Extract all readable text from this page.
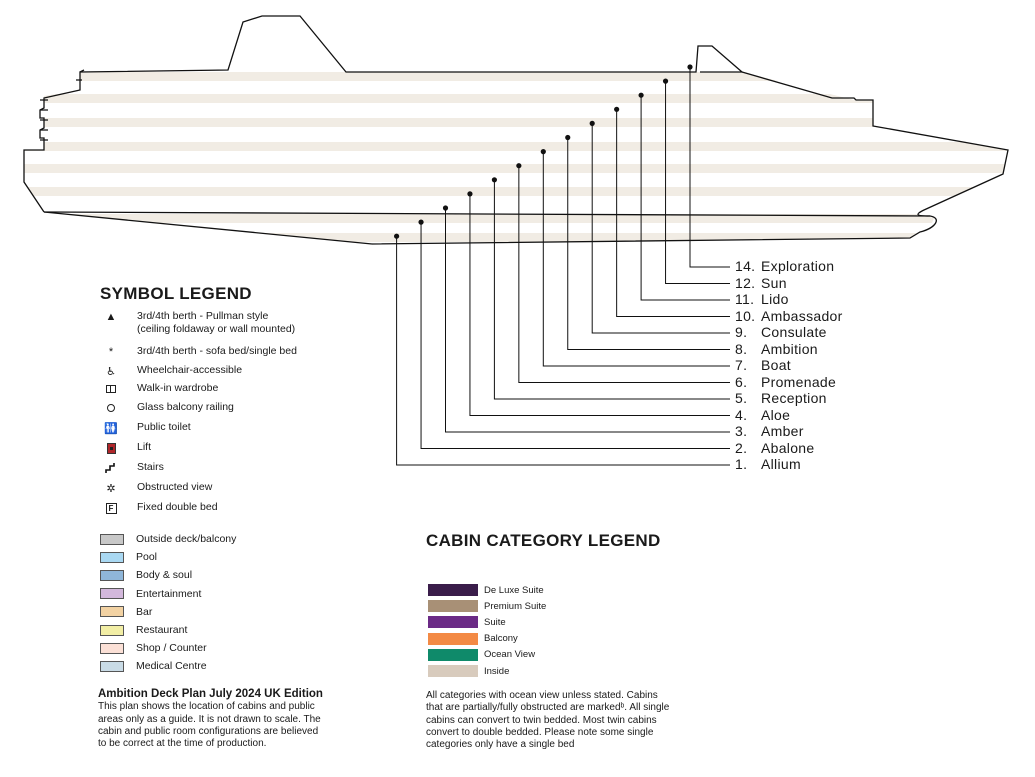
14. Exploration
12. Sun
11. Lido
10. Ambassador
9. Consulate
8. Ambition
7. Boat
6. Promenade
5. Reception
4. Aloe
3. Amber
2. Abalone
1. Allium
SYMBOL LEGEND
▲	3rd/4th berth - Pullman style
(ceiling foldaway or wall mounted)
*	3rd/4th berth - sofa bed/single bed
♿	Wheelchair-accessible
Walk-in wardrobe
Glass balcony railing
🚻	Public toilet
Lift
Stairs
✲	Obstructed view
F Fixed double bed
Outside deck/balcony
Pool
Body & soul
Entertainment
Bar
Restaurant
Shop / Counter
Medical Centre
CABIN CATEGORY LEGEND
De Luxe Suite
Premium Suite
Suite
Balcony
Ocean View
Inside
Ambition Deck Plan July 2024 UK Edition
This plan shows the location of cabins and public
areas only as a guide. It is not drawn to scale. The
cabin and public room configurations are believed
to be correct at the time of production.
All categories with ocean view unless stated. Cabins
that are partially/fully obstructed are markedᵇ. All single
cabins can convert to twin bedded. Most twin cabins
convert to double bedded. Please note some single
categories only have a single bed
